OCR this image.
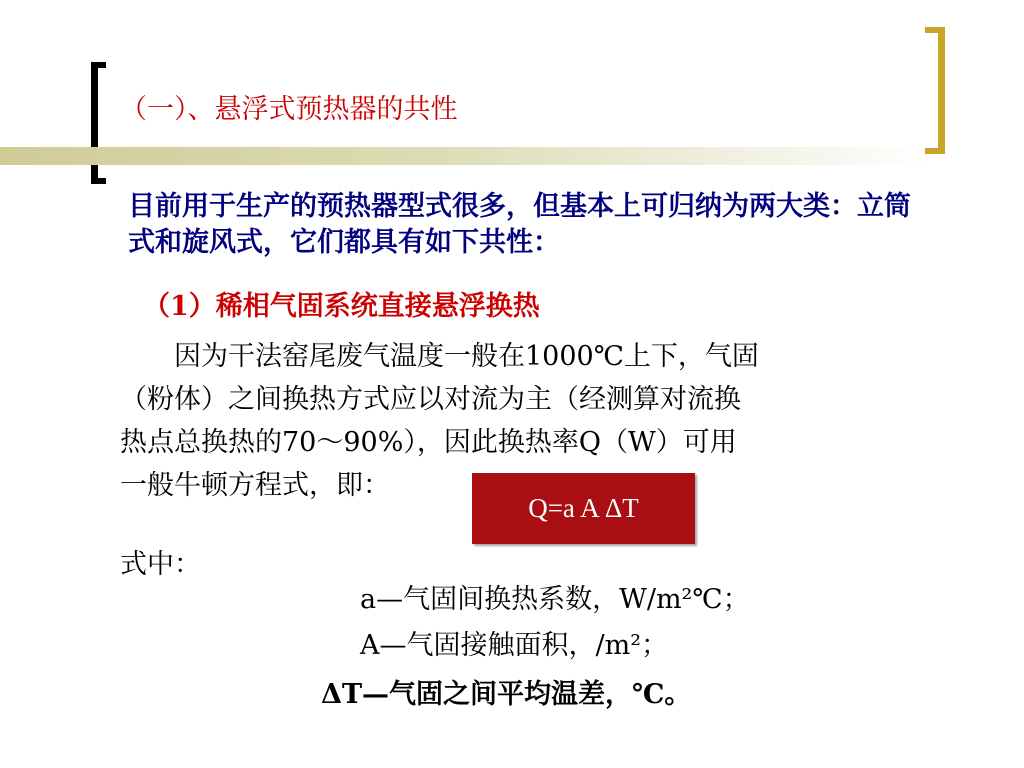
（一）、悬浮式预热器的共性
目前用于生产的预热器型式很多，但基本上可归纳为两大类：立筒式和旋风式，它们都具有如下共性：
（1）稀相气固系统直接悬浮换热
　　因为干法窑尾废气温度一般在1000℃上下，气固
（粉体）之间换热方式应以对流为主（经测算对流换
热点总换热的70～90%），因此换热率Q（W）可用
一般牛顿方程式，即：
Q=a A ΔT
式中：
a—气固间换热系数，W/m²℃；
A—气固接触面积，/m²；
ΔT—气固之间平均温差，℃。
